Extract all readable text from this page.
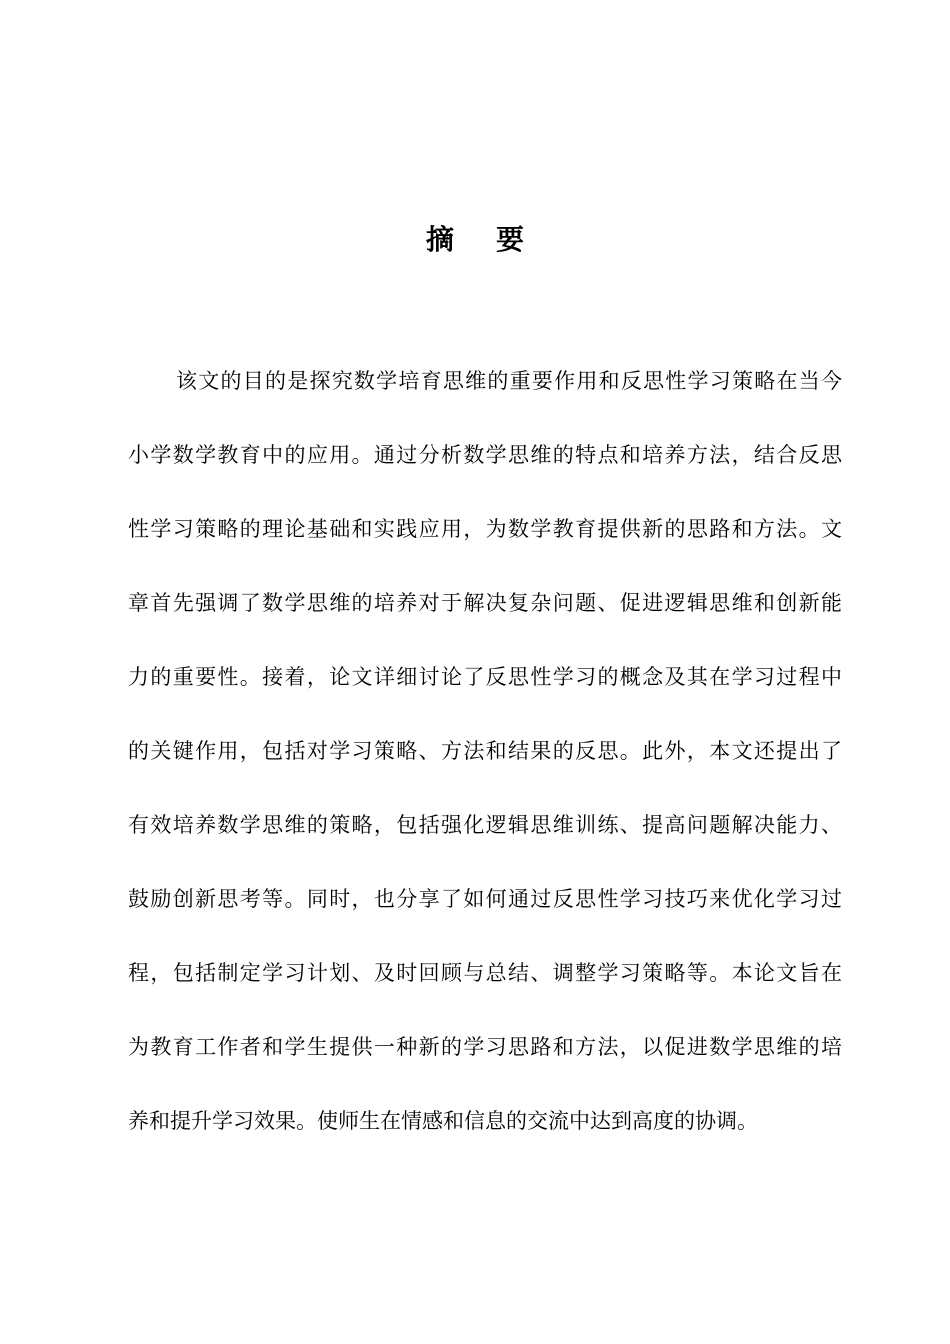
摘 要
该文的目的是探究数学培育思维的重要作用和反思性学习策略在当今
小学数学教育中的应用。通过分析数学思维的特点和培养方法，结合反思
性学习策略的理论基础和实践应用，为数学教育提供新的思路和方法。文
章首先强调了数学思维的培养对于解决复杂问题、促进逻辑思维和创新能
力的重要性。接着，论文详细讨论了反思性学习的概念及其在学习过程中
的关键作用，包括对学习策略、方法和结果的反思。此外，本文还提出了
有效培养数学思维的策略，包括强化逻辑思维训练、提高问题解决能力、
鼓励创新思考等。同时，也分享了如何通过反思性学习技巧来优化学习过
程，包括制定学习计划、及时回顾与总结、调整学习策略等。本论文旨在
为教育工作者和学生提供一种新的学习思路和方法，以促进数学思维的培
养和提升学习效果。使师生在情感和信息的交流中达到高度的协调。
